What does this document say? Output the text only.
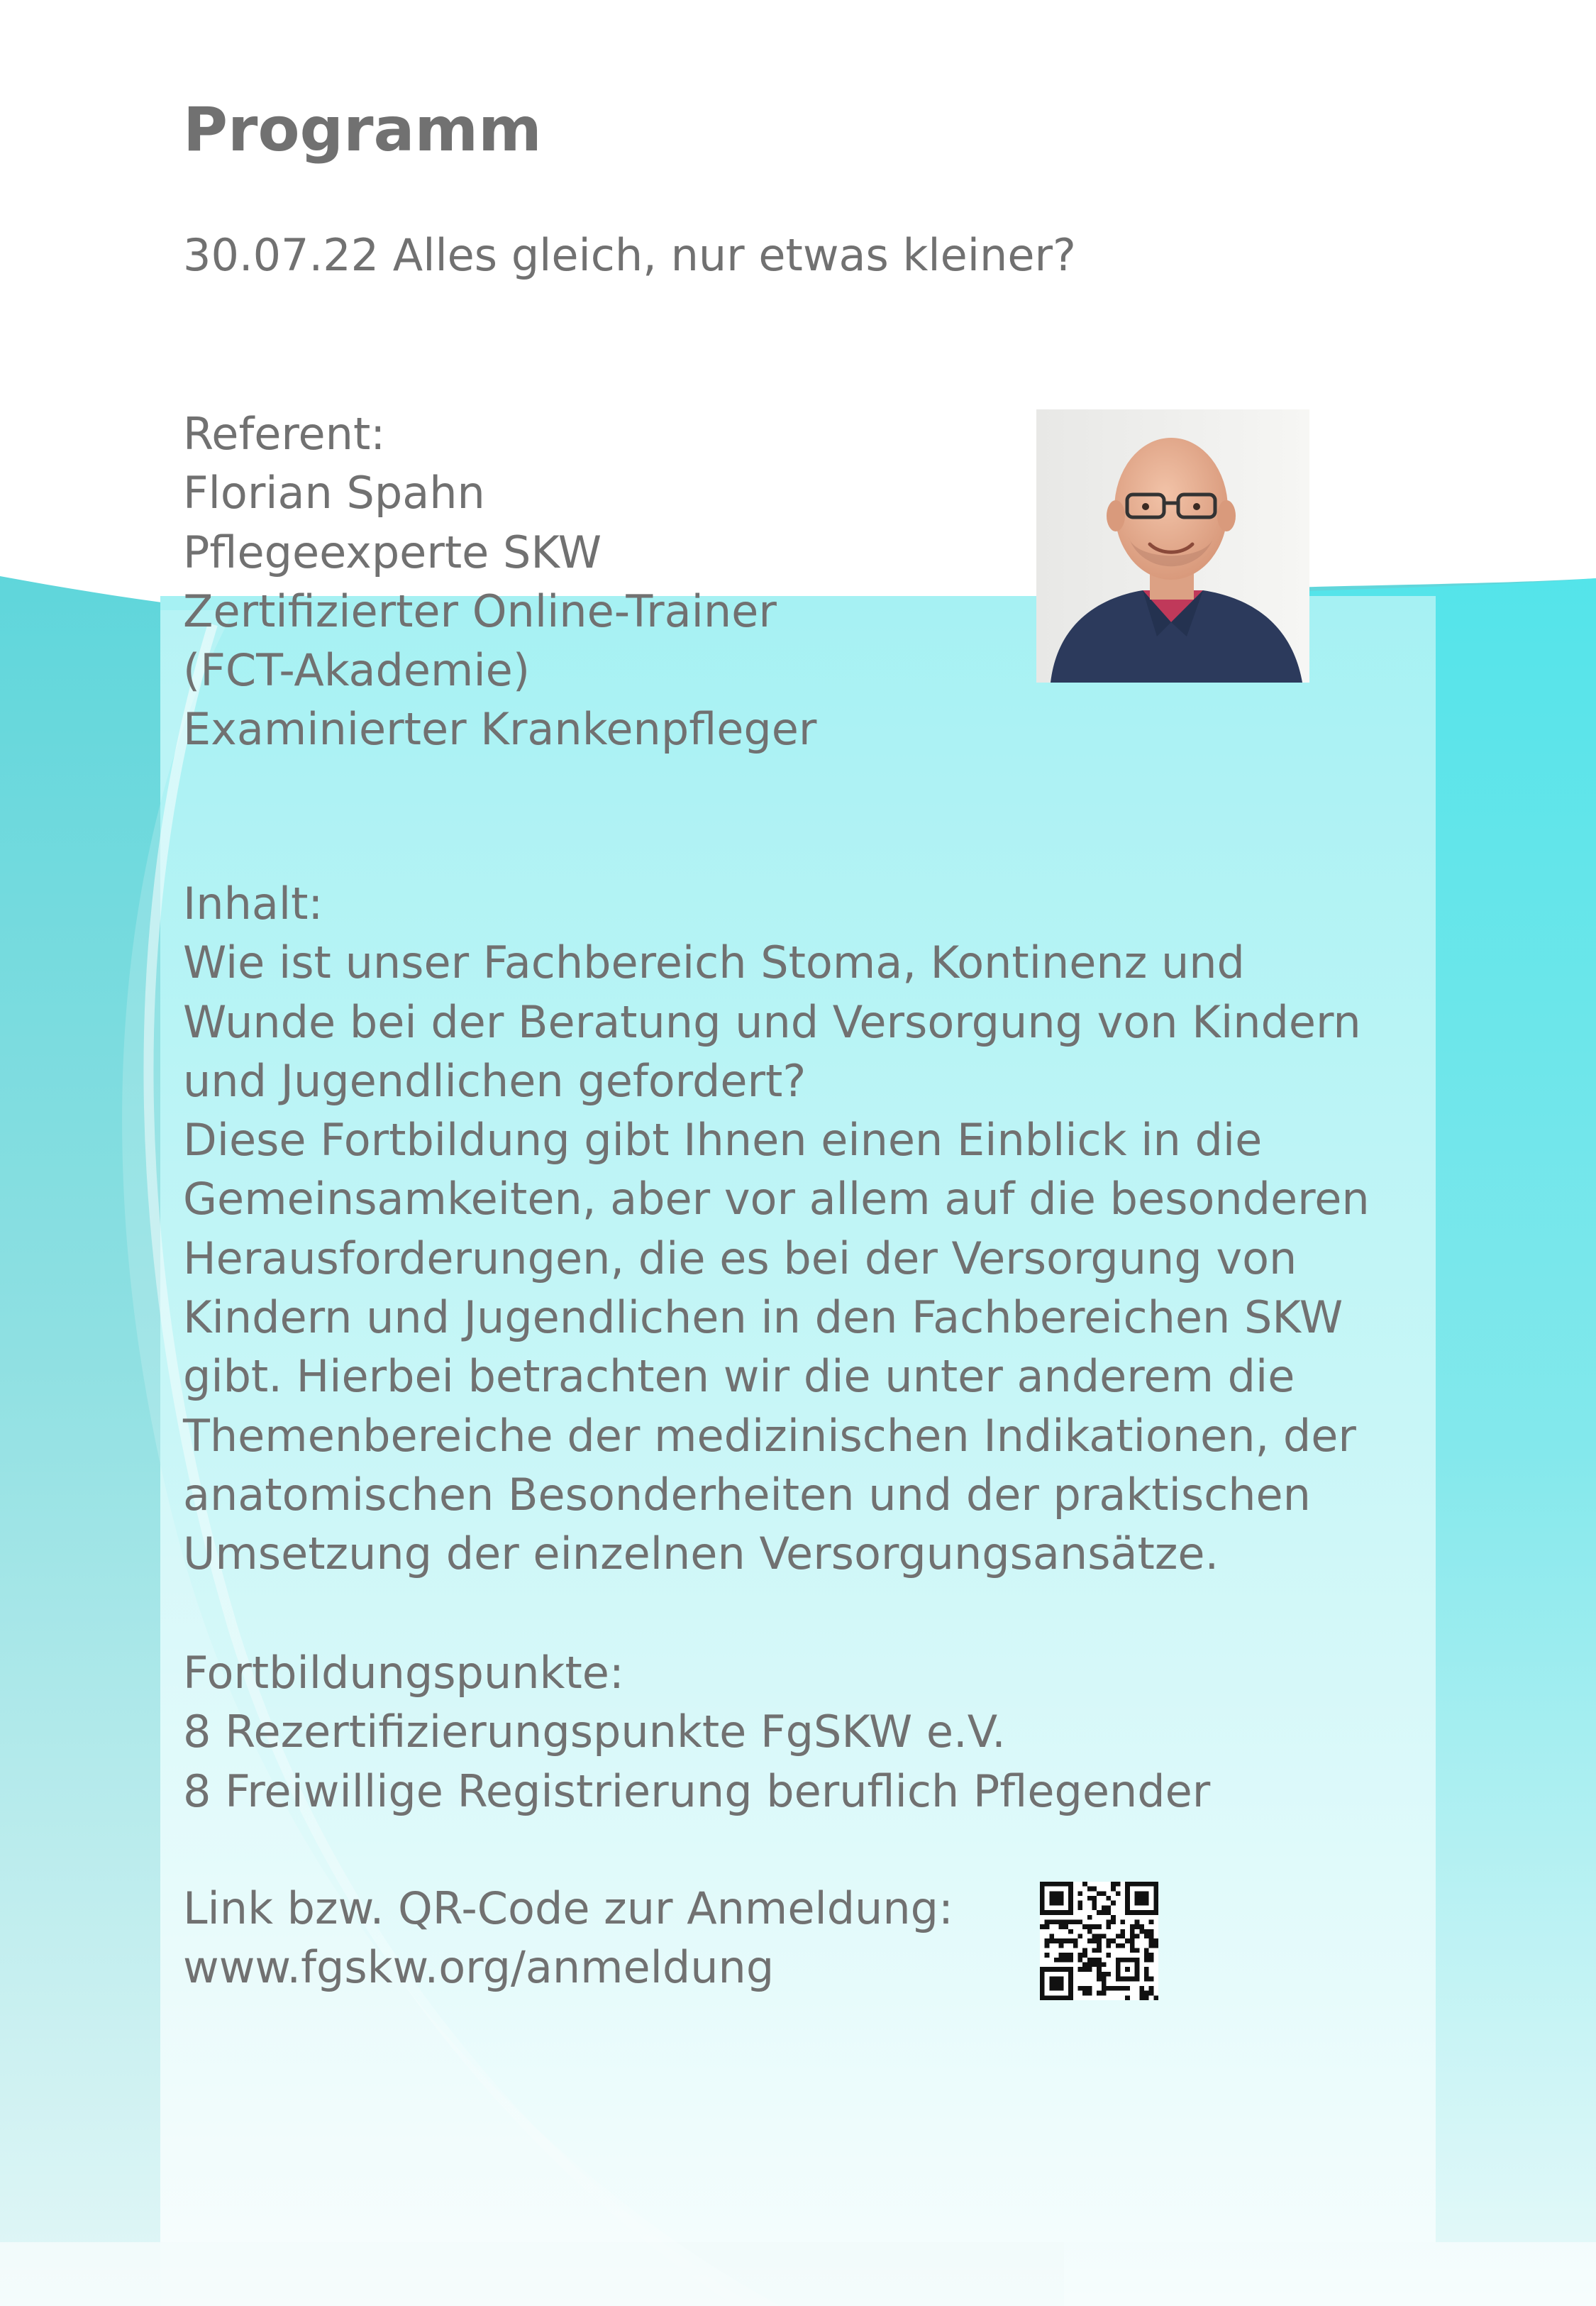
Programm
30.07.22 Alles gleich, nur etwas kleiner?
Referent:
Florian Spahn
Pflegeexperte SKW
Zertifizierter Online-Trainer
(FCT-Akademie)
Examinierter Krankenpfleger
Inhalt:
Wie ist unser Fachbereich Stoma, Kontinenz und
Wunde bei der Beratung und Versorgung von Kindern
und Jugendlichen gefordert?
Diese Fortbildung gibt Ihnen einen Einblick in die
Gemeinsamkeiten, aber vor allem auf die besonderen
Herausforderungen, die es bei der Versorgung von
Kindern und Jugendlichen in den Fachbereichen SKW
gibt. Hierbei betrachten wir die unter anderem die
Themenbereiche der medizinischen Indikationen, der
anatomischen Besonderheiten und der praktischen
Umsetzung der einzelnen Versorgungsansätze.
Fortbildungspunkte:
8 Rezertifizierungspunkte FgSKW e.V.
8 Freiwillige Registrierung beruflich Pflegender
Link bzw. QR-Code zur Anmeldung:
www.fgskw.org/anmeldung
